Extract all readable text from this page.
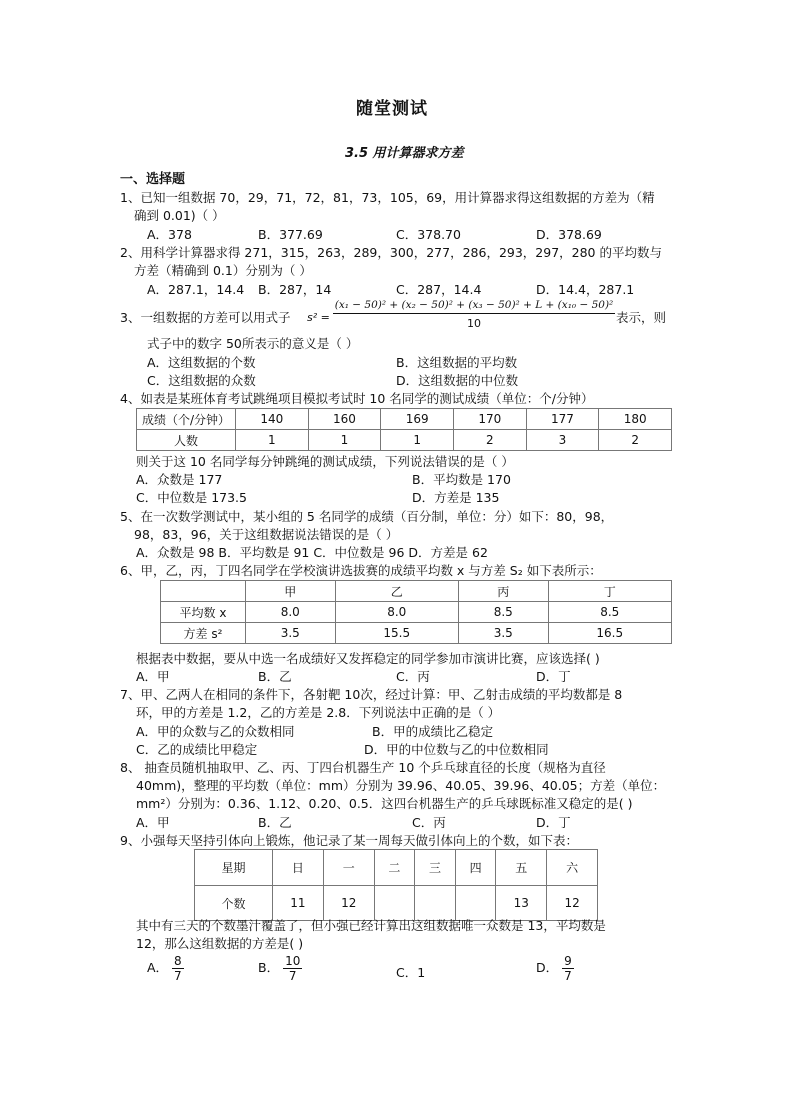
随堂测试
3.5 用计算器求方差
一、选择题
1、已知一组数据 70，29，71，72，81，73，105，69，用计算器求得这组数据的方差为（精
确到 0.01)（ ）
A．378	B．377.69	C．378.70	D．378.69
2、用科学计算器求得 271，315，263，289，300，277，286，293，297，280 的平均数与
方差（精确到 0.1）分别为（ ）
A．287.1，14.4 B．287，14	C．287，14.4	D．14.4，287.1
3、一组数据的方差可以用式子 s² =
(x₁ − 50)² + (x₂ − 50)² + (x₃ − 50)² + L + (x₁₀ − 50)²
10	表示，则
式子中的数字 50所表示的意义是（ ）
A．这组数据的个数	B．这组数据的平均数
C．这组数据的众数	D．这组数据的中位数
4、如表是某班体育考试跳绳项目模拟考试时 10 名同学的测试成绩（单位：个/分钟）
成绩（个/分钟）	140	160	169	170	177	180
人数	1	1	1	2	3	2
则关于这 10 名同学每分钟跳绳的测试成绩，下列说法错误的是（ ）
A．众数是 177	B．平均数是 170
C．中位数是 173.5	D．方差是 135
5、在一次数学测试中，某小组的 5 名同学的成绩（百分制，单位：分）如下：80，98，
98，83，96，关于这组数据说法错误的是（ ）
A．众数是 98 B．平均数是 91 C．中位数是 96 D．方差是 62
6、甲，乙，丙，丁四名同学在学校演讲选拔赛的成绩平均数 x 与方差 S₂ 如下表所示：
	甲	乙	丙	丁
平均数 x	8.0	8.0	8.5	8.5
方差 s²	3.5	15.5	3.5	16.5
根据表中数据，要从中选一名成绩好又发挥稳定的同学参加市演讲比赛，应该选择( )
A．甲	B．乙	C．丙	D．丁
7、甲、乙两人在相同的条件下，各射靶 10次，经过计算：甲、乙射击成绩的平均数都是 8
环，甲的方差是 1.2，乙的方差是 2.8．下列说法中正确的是（ ）
A．甲的众数与乙的众数相同	B．甲的成绩比乙稳定
C．乙的成绩比甲稳定	D．甲的中位数与乙的中位数相同
8、 抽查员随机抽取甲、乙、丙、丁四台机器生产 10 个乒乓球直径的长度（规格为直径
40mm)，整理的平均数（单位：mm）分别为 39.96、40.05、39.96、40.05；方差（单位：
mm²）分别为：0.36、1.12、0.20、0.5．这四台机器生产的乒乓球既标准又稳定的是( )
A．甲	B．乙	C．丙	D．丁
9、小强每天坚持引体向上锻炼，他记录了某一周每天做引体向上的个数，如下表：
星期	日	一	二	三	四	五	六
个数	11	12				13	12
其中有三天的个数墨汁覆盖了，但小强已经计算出这组数据唯一众数是 13，平均数是
12，那么这组数据的方差是( )
A． $\frac{8}{7}$	B． $\frac{10}{7}$	C．1	D． $\frac{9}{7}$
